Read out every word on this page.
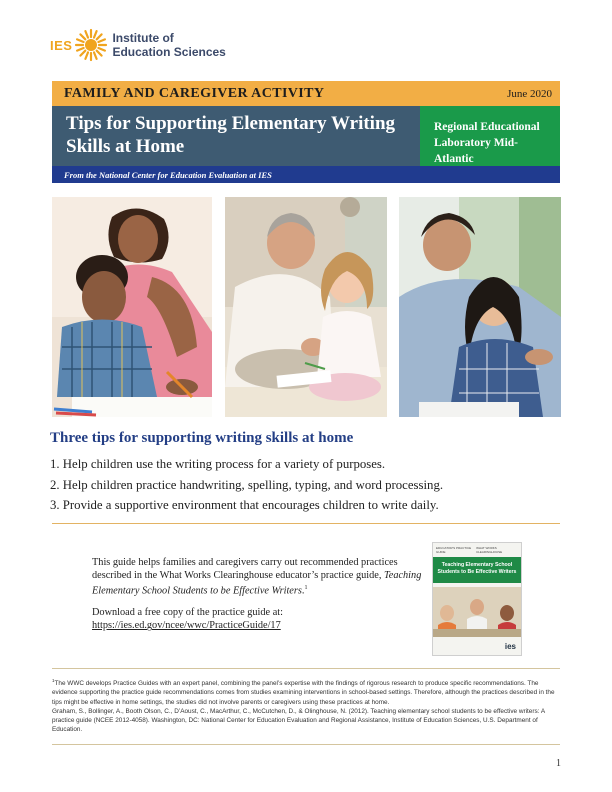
IES	Institute of
Education Sciences
FAMILY AND CAREGIVER ACTIVITY	June 2020
Tips for Supporting Elementary Writing
Skills at Home
Regional Educational
Laboratory Mid-Atlantic
From the National Center for Education Evaluation at IES
Three tips for supporting writing skills at home
1. Help children use the writing process for a variety of purposes.
2. Help children practice handwriting, spelling, typing, and word processing.
3. Provide a supportive environment that encourages children to write daily.

This guide helps families and caregivers carry out recommended practices described in the What Works Clearinghouse educator’s practice guide, Teaching Elementary School Students to be Effective Writers.$^1$

Download a free copy of the practice guide at:

https://ies.ed.gov/ncee/wwc/PracticeGuide/17
EDUCATOR'S PRACTICE GUIDE
WHAT WORKS CLEARINGHOUSE
Teaching Elementary School Students to Be Effective Writers
ies

$^1$The WWC develops Practice Guides with an expert panel, combining the panel’s expertise with the findings of rigorous research to produce specific recommendations. The evidence supporting the practice guide recommendations comes from studies examining interventions in school-based settings. Therefore, although the practices described in the tips might be effective in home settings, the studies did not involve parents or caregivers using these practices at home.

Graham, S., Bollinger, A., Booth Olson, C., D’Aoust, C., MacArthur, C., McCutchen, D., & Olinghouse, N. (2012). Teaching elementary school students to be effective writers: A practice guide (NCEE 2012-4058). Washington, DC: National Center for Education Evaluation and Regional Assistance, Institute of Education Sciences, U.S. Department of Education.

1
